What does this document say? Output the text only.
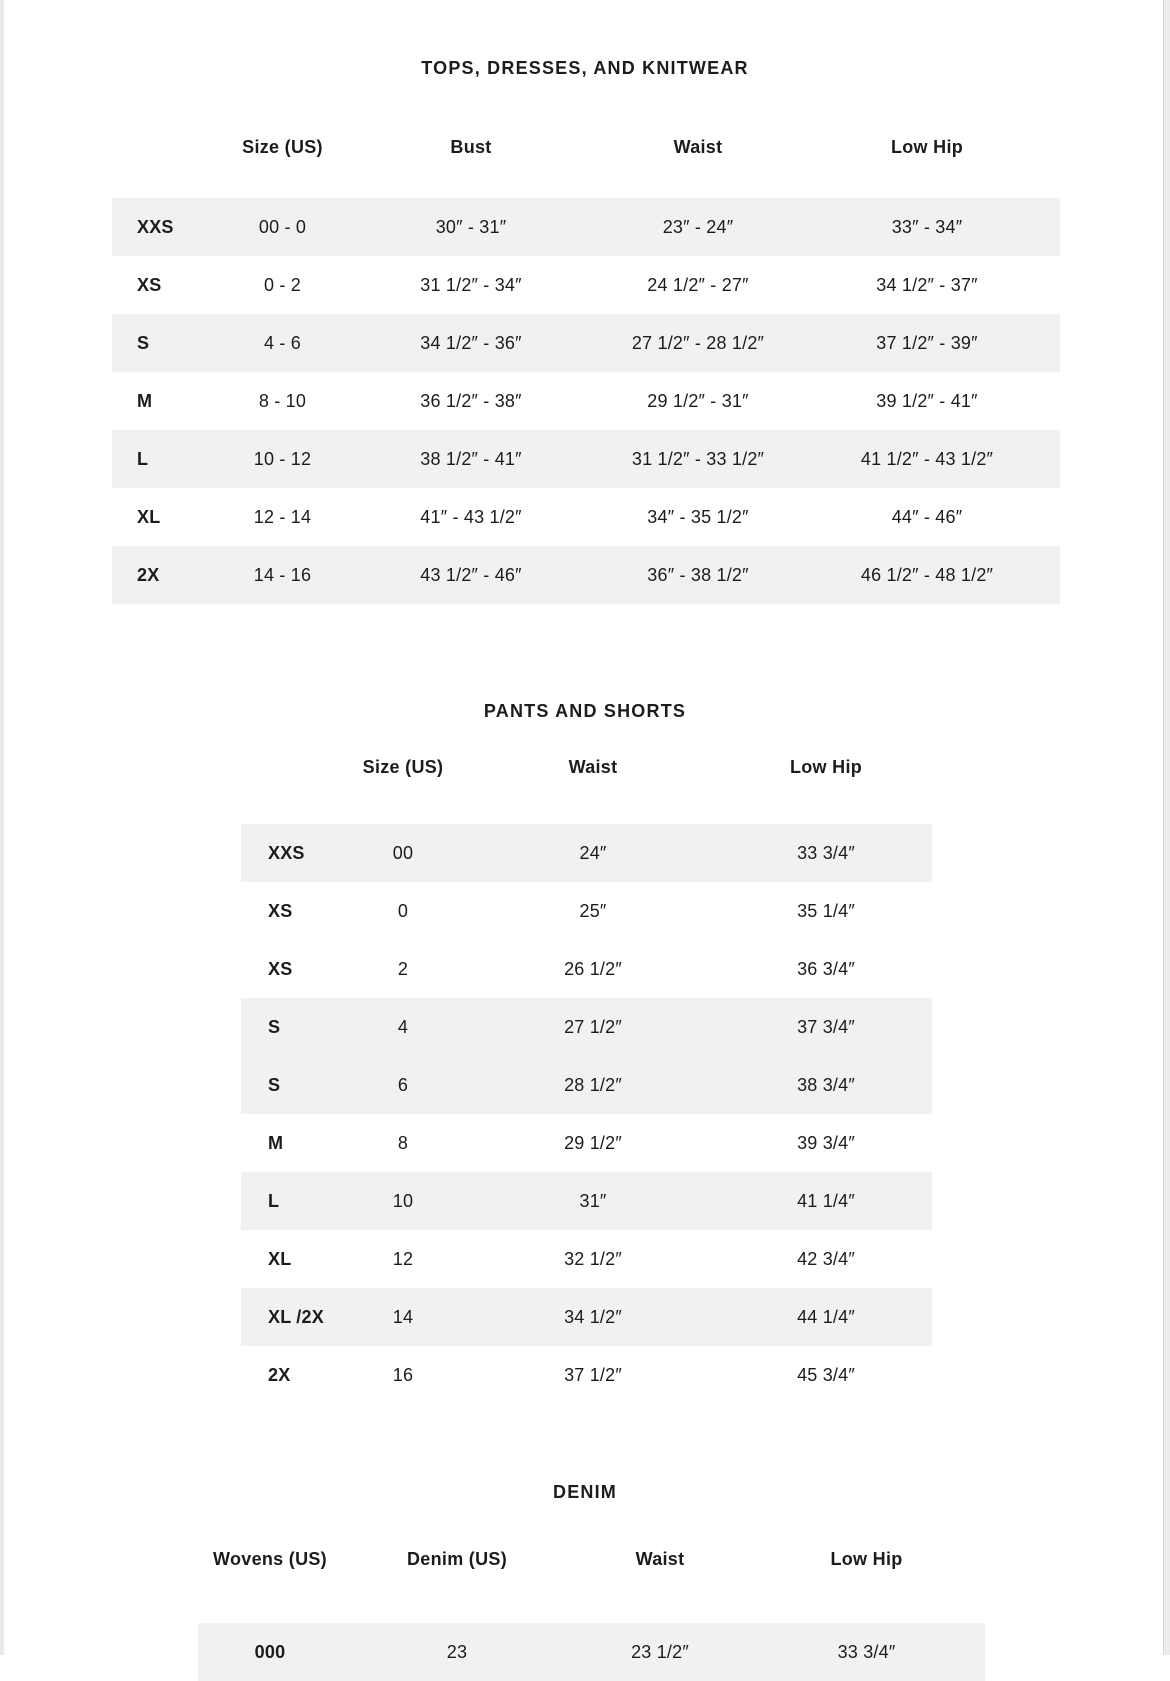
TOPS, DRESSES, AND KNITWEAR
Size (US)	Bust	Waist	Low Hip
XXS	00 - 0	30″ - 31″	23″ - 24″	33″ - 34″
XS	0 - 2	31 1/2″ - 34″	24 1/2″ - 27″	34 1/2″ - 37″
S	4 - 6	34 1/2″ - 36″	27 1/2″ - 28 1/2″	37 1/2″ - 39″
M	8 - 10	36 1/2″ - 38″	29 1/2″ - 31″	39 1/2″ - 41″
L	10 - 12	38 1/2″ - 41″	31 1/2″ - 33 1/2″	41 1/2″ - 43 1/2″
XL	12 - 14	41″ - 43 1/2″	34″ - 35 1/2″	44″ - 46″
2X	14 - 16	43 1/2″ - 46″	36″ - 38 1/2″	46 1/2″ - 48 1/2″
PANTS AND SHORTS
Size (US)	Waist	Low Hip
XXS	00	24″	33 3/4″
XS	0	25″	35 1/4″
XS	2	26 1/2″	36 3/4″
S	4	27 1/2″	37 3/4″
S	6	28 1/2″	38 3/4″
M	8	29 1/2″	39 3/4″
L	10	31″	41 1/4″
XL	12	32 1/2″	42 3/4″
XL /2X	14	34 1/2″	44 1/4″
2X	16	37 1/2″	45 3/4″
DENIM
Wovens (US)	Denim (US)	Waist	Low Hip
000	23	23 1/2″	33 3/4″
